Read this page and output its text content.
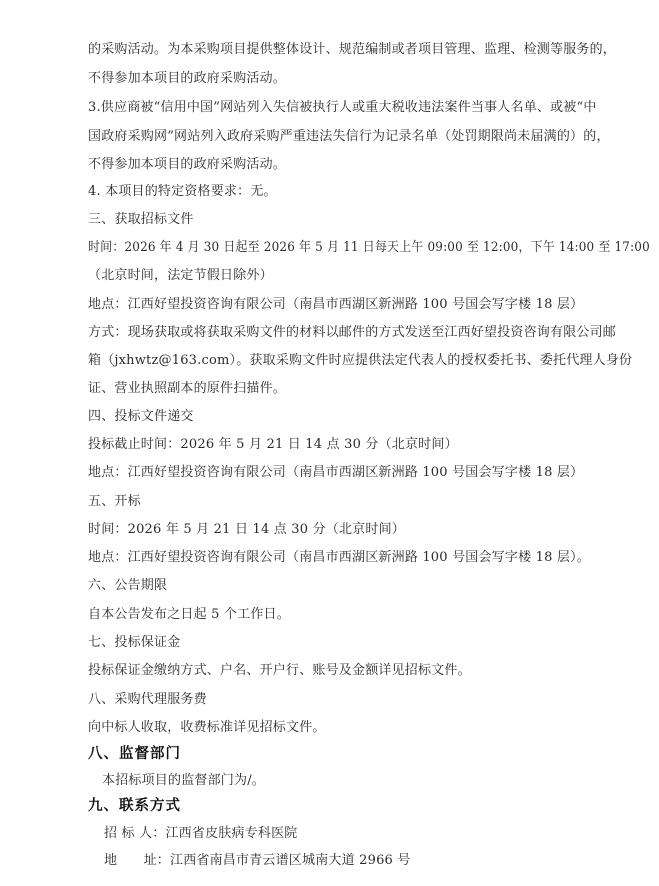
的采购活动。为本采购项目提供整体设计、规范编制或者项目管理、监理、检测等服务的，
不得参加本项目的政府采购活动。
3.供应商被“信用中国”网站列入失信被执行人或重大税收违法案件当事人名单、或被“中
国政府采购网”网站列入政府采购严重违法失信行为记录名单（处罚期限尚未届满的）的，
不得参加本项目的政府采购活动。
4. 本项目的特定资格要求：无。
三、获取招标文件
时间：2026 年 4 月 30 日起至 2026 年 5 月 11 日每天上午 09:00 至 12:00，下午 14:00 至 17:00
（北京时间，法定节假日除外）
地点：江西好望投资咨询有限公司（南昌市西湖区新洲路 100 号国会写字楼 18 层）
方式：现场获取或将获取采购文件的材料以邮件的方式发送至江西好望投资咨询有限公司邮
箱（jxhwtz@163.com）。获取采购文件时应提供法定代表人的授权委托书、委托代理人身份
证、营业执照副本的原件扫描件。
四、投标文件递交
投标截止时间：2026 年 5 月 21 日 14 点 30 分（北京时间）
地点：江西好望投资咨询有限公司（南昌市西湖区新洲路 100 号国会写字楼 18 层）
五、开标
时间：2026 年 5 月 21 日 14 点 30 分（北京时间）
地点：江西好望投资咨询有限公司（南昌市西湖区新洲路 100 号国会写字楼 18 层）。
六、公告期限
自本公告发布之日起 5 个工作日。
七、投标保证金
投标保证金缴纳方式、户名、开户行、账号及金额详见招标文件。
八、采购代理服务费
向中标人收取，收费标准详见招标文件。
八、监督部门
本招标项目的监督部门为/。
九、联系方式
招 标 人：江西省皮肤病专科医院
地　　址：江西省南昌市青云谱区城南大道 2966 号
